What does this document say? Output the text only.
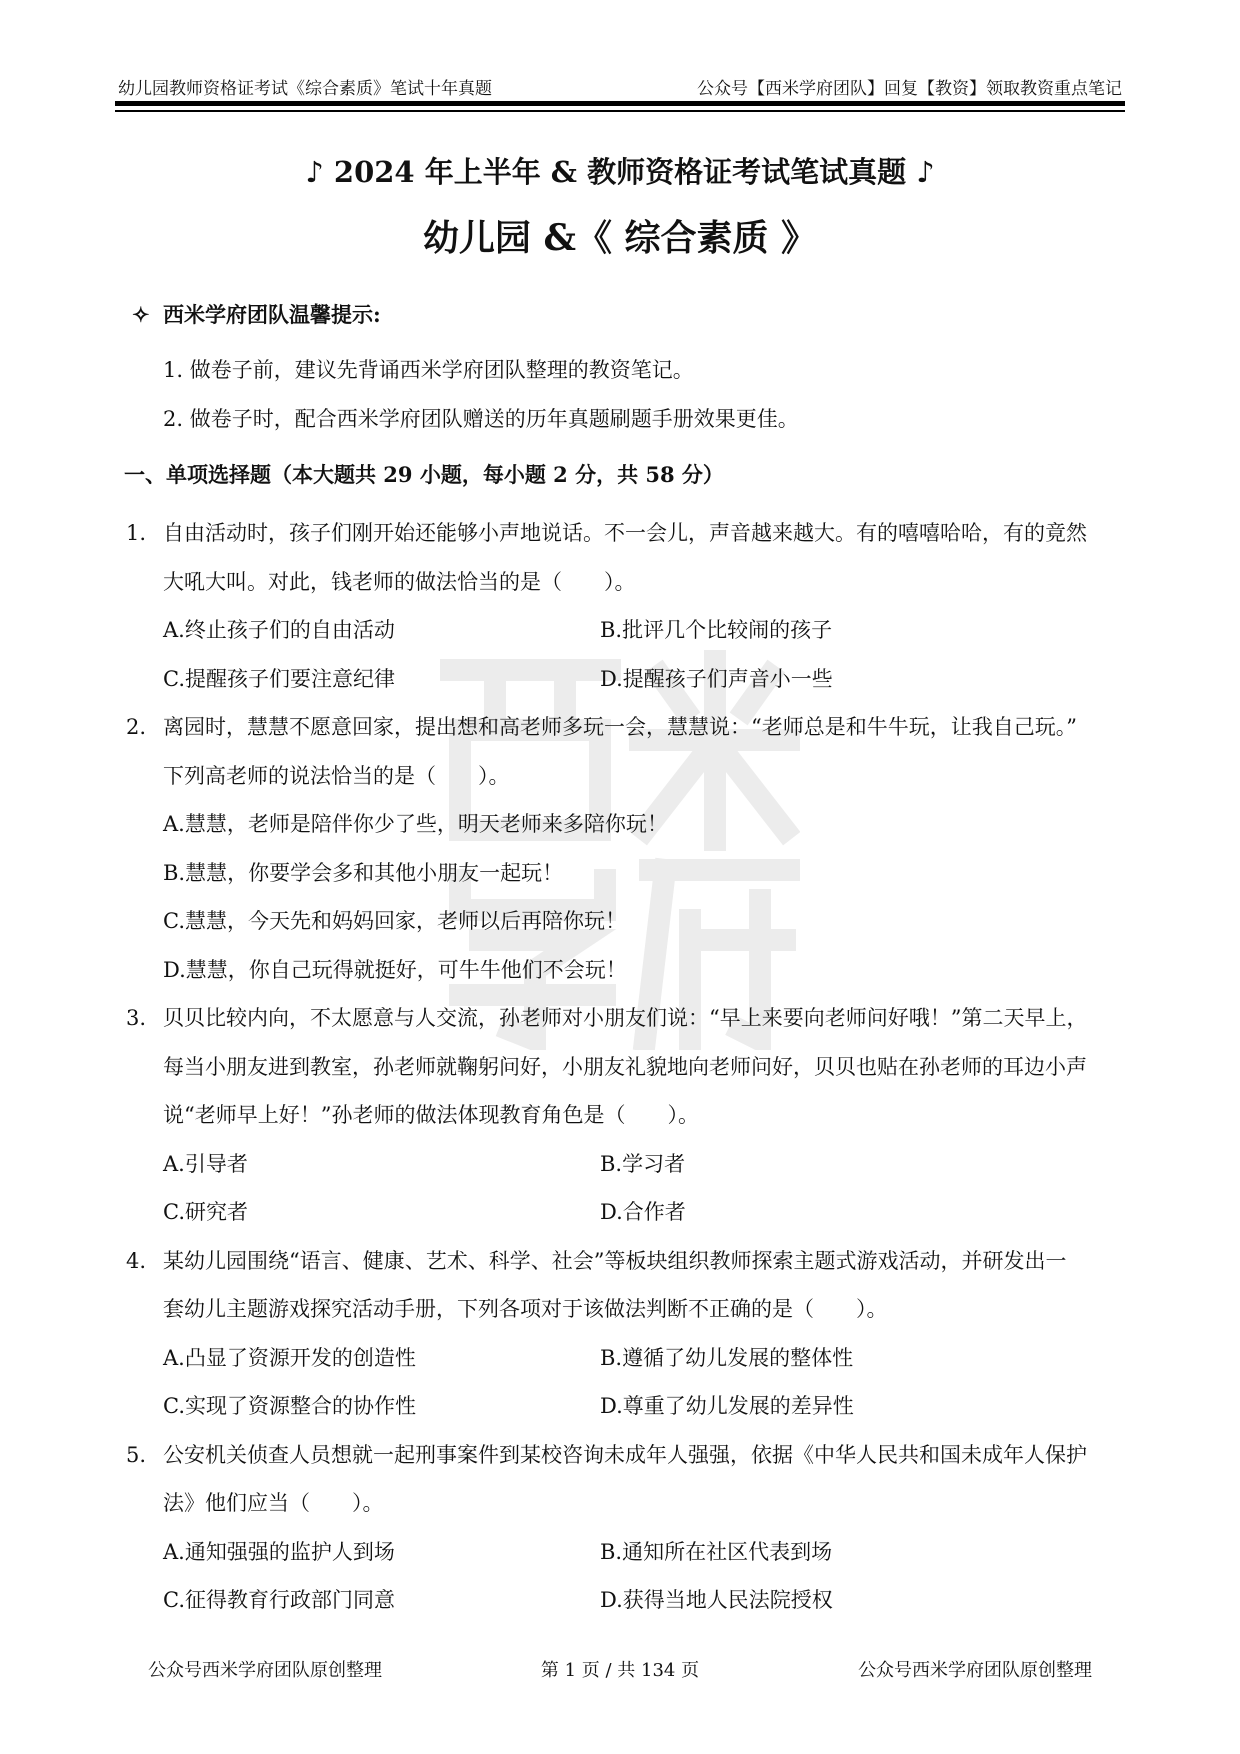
幼儿园教师资格证考试《综合素质》笔试十年真题	公众号【西米学府团队】回复【教资】领取教资重点笔记
♪ 2024 年上半年 & 教师资格证考试笔试真题 ♪
幼儿园 &《 综合素质 》
✧ 西米学府团队温馨提示:
1. 做卷子前，建议先背诵西米学府团队整理的教资笔记。
2. 做卷子时，配合西米学府团队赠送的历年真题刷题手册效果更佳。
一、单项选择题（本大题共 29 小题，每小题 2 分，共 58 分）
1. 自由活动时，孩子们刚开始还能够小声地说话。不一会儿，声音越来越大。有的嘻嘻哈哈，有的竟然
大吼大叫。对此，钱老师的做法恰当的是（　　）。
A.终止孩子们的自由活动	B.批评几个比较闹的孩子
C.提醒孩子们要注意纪律	D.提醒孩子们声音小一些
2. 离园时，慧慧不愿意回家，提出想和高老师多玩一会，慧慧说：“老师总是和牛牛玩，让我自己玩。”
下列高老师的说法恰当的是（　　）。
A.慧慧，老师是陪伴你少了些，明天老师来多陪你玩！
B.慧慧，你要学会多和其他小朋友一起玩！
C.慧慧，今天先和妈妈回家，老师以后再陪你玩！
D.慧慧，你自己玩得就挺好，可牛牛他们不会玩！
3. 贝贝比较内向，不太愿意与人交流，孙老师对小朋友们说：“早上来要向老师问好哦！”第二天早上，
每当小朋友进到教室，孙老师就鞠躬问好，小朋友礼貌地向老师问好，贝贝也贴在孙老师的耳边小声
说“老师早上好！”孙老师的做法体现教育角色是（　　）。
A.引导者	B.学习者
C.研究者	D.合作者
4. 某幼儿园围绕“语言、健康、艺术、科学、社会”等板块组织教师探索主题式游戏活动，并研发出一
套幼儿主题游戏探究活动手册，下列各项对于该做法判断不正确的是（　　）。
A.凸显了资源开发的创造性	B.遵循了幼儿发展的整体性
C.实现了资源整合的协作性	D.尊重了幼儿发展的差异性
5. 公安机关侦查人员想就一起刑事案件到某校咨询未成年人强强，依据《中华人民共和国未成年人保护
法》他们应当（　　）。
A.通知强强的监护人到场	B.通知所在社区代表到场
C.征得教育行政部门同意	D.获得当地人民法院授权
公众号西米学府团队原创整理	第 1 页 / 共 134 页	公众号西米学府团队原创整理
